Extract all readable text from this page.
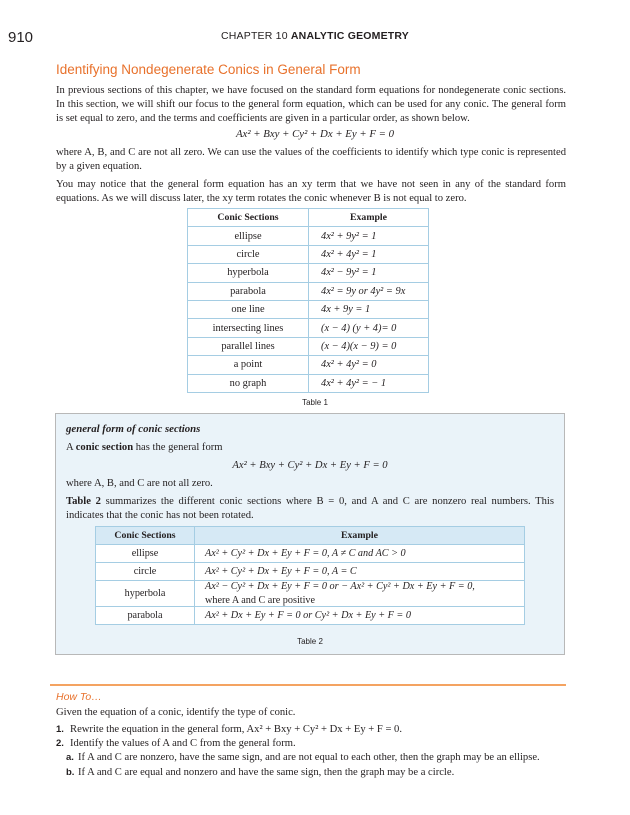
910	CHAPTER 10 ANALYTIC GEOMETRY
Identifying Nondegenerate Conics in General Form
In previous sections of this chapter, we have focused on the standard form equations for nondegenerate conic sections. In this section, we will shift our focus to the general form equation, which can be used for any conic. The general form is set equal to zero, and the terms and coefficients are given in a particular order, as shown below.
Ax² + Bxy + Cy² + Dx + Ey + F = 0
where A, B, and C are not all zero. We can use the values of the coefficients to identify which type conic is represented by a given equation.
You may notice that the general form equation has an xy term that we have not seen in any of the standard form equations. As we will discuss later, the xy term rotates the conic whenever B is not equal to zero.
Conic Sections	Example
ellipse	4x² + 9y² = 1
circle	4x² + 4y² = 1
hyperbola	4x² − 9y² = 1
parabola	4x² = 9y or 4y² = 9x
one line	4x + 9y = 1
intersecting lines	(x − 4) (y + 4)= 0
parallel lines	(x − 4)(x − 9) = 0
a point	4x² + 4y² = 0
no graph	4x² + 4y² = − 1
Table 1
general form of conic sections
A conic section has the general form
Ax² + Bxy + Cy² + Dx + Ey + F = 0
where A, B, and C are not all zero.
Table 2 summarizes the different conic sections where B = 0, and A and C are nonzero real numbers. This indicates that the conic has not been rotated.
Conic Sections	Example
ellipse	Ax² + Cy² + Dx + Ey + F = 0, A ≠ C and AC > 0

circle	Ax² + Cy² + Dx + Ey + F = 0, A = C

hyperbola	Ax² − Cy² + Dx + Ey + F = 0 or − Ax² + Cy² + Dx + Ey + F = 0,
where A and C are positive

parabola	Ax² + Dx + Ey + F = 0 or Cy² + Dx + Ey + F = 0
Table 2
How To…
Given the equation of a conic, identify the type of conic.
1. Rewrite the equation in the general form, Ax² + Bxy + Cy² + Dx + Ey + F = 0.
2. Identify the values of A and C from the general form.
a. If A and C are nonzero, have the same sign, and are not equal to each other, then the graph may be an ellipse.
b. If A and C are equal and nonzero and have the same sign, then the graph may be a circle.
